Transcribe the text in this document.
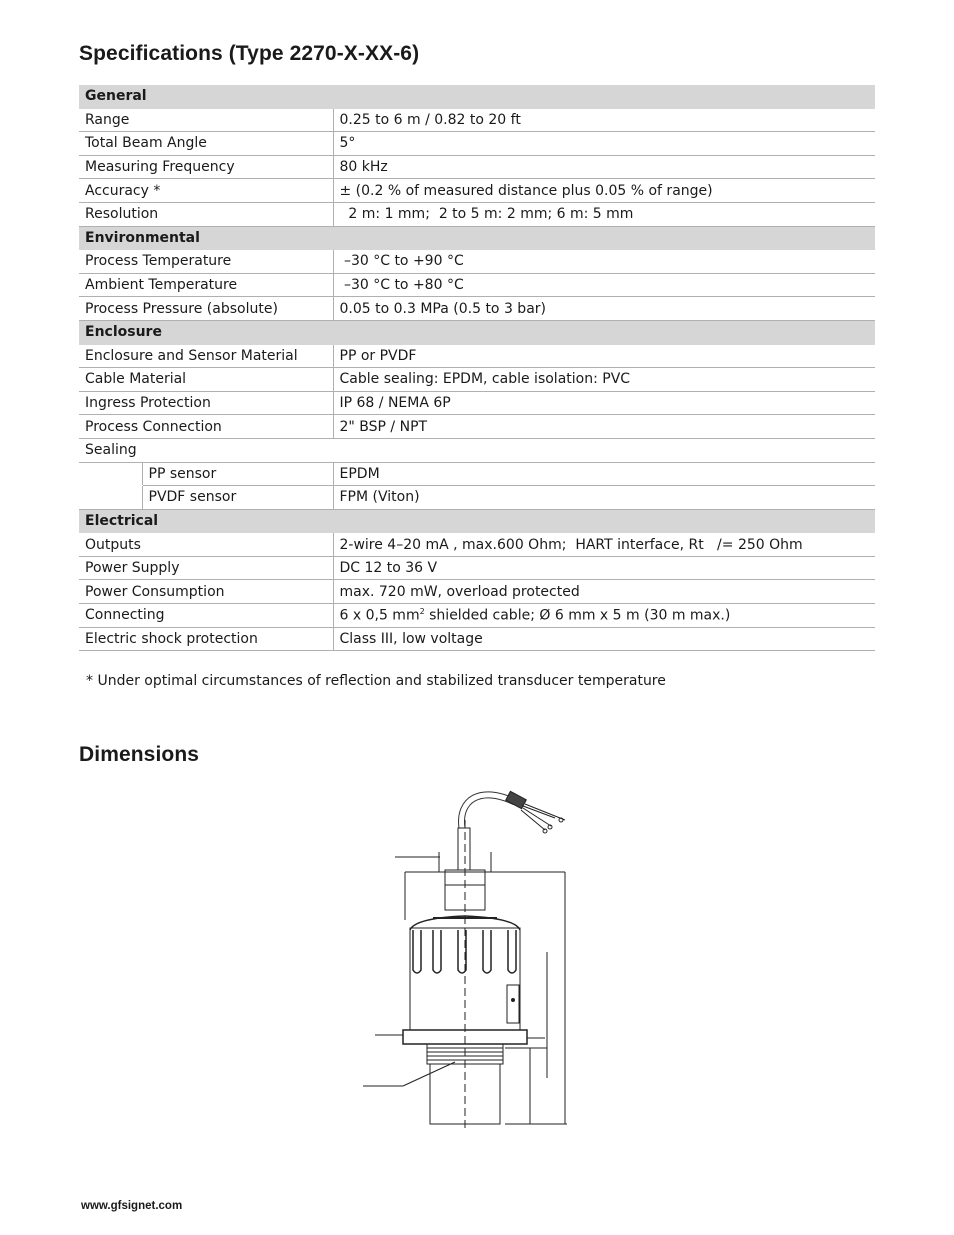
Specifications (Type 2270-X-XX-6)
General		
Range		0.25 to 6 m / 0.82 to 20 ft
Total Beam Angle		5°
Measuring Frequency		80 kHz
Accuracy *		± (0.2 % of measured distance plus 0.05 % of range)
Resolution		2 m: 1 mm;  2 to 5 m: 2 mm; 6 m: 5 mm
Environmental		
Process Temperature		–30 °C to +90 °C
Ambient Temperature		–30 °C to +80 °C
Process Pressure (absolute)		0.05 to 0.3 MPa (0.5 to 3 bar)
Enclosure		
Enclosure and Sensor Material		PP or PVDF
Cable Material		Cable sealing: EPDM, cable isolation: PVC
Ingress Protection		IP 68 / NEMA 6P
Process Connection		2" BSP / NPT
Sealing		
	PP sensor	EPDM
	PVDF sensor	FPM (Viton)
Electrical		
Outputs		2-wire 4–20 mA , max.600 Ohm;  HART interface, Rt   /= 250 Ohm
Power Supply		DC 12 to 36 V
Power Consumption		max. 720 mW, overload protected
Connecting		6 x 0,5 $mm^2$ shielded cable; Ø 6 mm x 5 m (30 m max.)
Electric shock protection		Class III, low voltage

* Under optimal circumstances of reflection and stabilized transducer temperature

Dimensions
www.gfsignet.com
